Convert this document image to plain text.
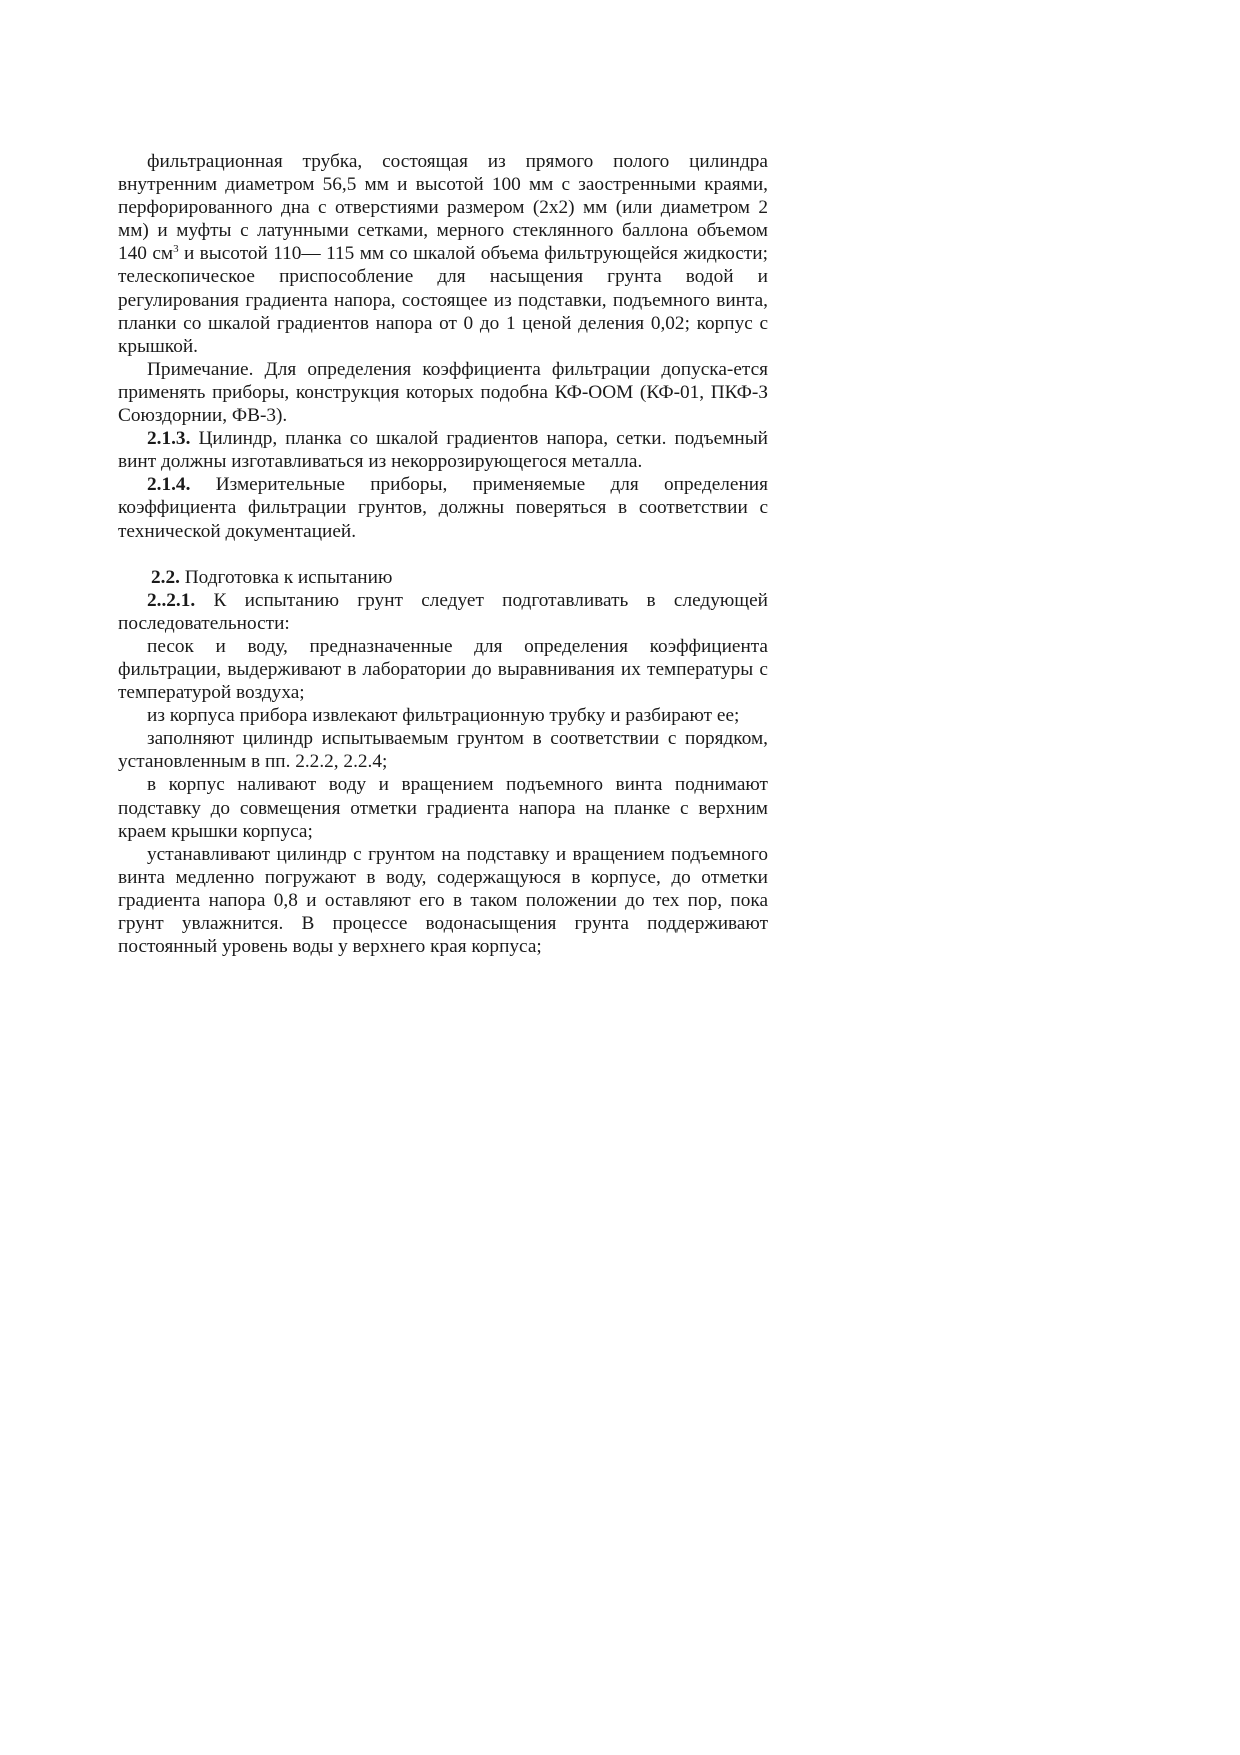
фильтрационная трубка, состоящая из прямого полого цилиндра внутренним диаметром 56,5 мм и высотой 100 мм с заостренными краями, перфорированного дна с отверстиями размером (2х2) мм (или диаметром 2 мм) и муфты с латунными сетками, мерного стеклянного баллона объемом 140 $см^3$ и высотой 110— 115 мм со шкалой объема фильтрующейся жидкости; телескопическое приспособление для насыщения грунта водой и регулирования градиента напора, состоящее из подставки, подъемного винта, планки со шкалой градиентов напора от 0 до 1 ценой деления 0,02; корпус с крышкой.

Примечание. Для определения коэффициента фильтрации допуска-ется применять приборы, конструкция которых подобна КФ-ООМ (КФ-01, ПКФ-З Союздорнии, ФВ-3).

2.1.3. Цилиндр, планка со шкалой градиентов напора, сетки. подъемный винт должны изготавливаться из некоррозирующегося металла.

2.1.4. Измерительные приборы, применяемые для определения коэффициента фильтрации грунтов, должны поверяться в соответствии с технической документацией.

2.2. Подготовка к испытанию

2..2.1. К испытанию грунт следует подготавливать в следующей последовательности:

песок и воду, предназначенные для определения коэффициента фильтрации, выдерживают в лаборатории до выравнивания их температуры с температурой воздуха;

из корпуса прибора извлекают фильтрационную трубку и разбирают ее;

заполняют цилиндр испытываемым грунтом в соответствии с порядком, установленным в пп. 2.2.2, 2.2.4;

в корпус наливают воду и вращением подъемного винта поднимают подставку до совмещения отметки градиента напора на планке с верхним краем крышки корпуса;

устанавливают цилиндр с грунтом на подставку и вращением подъемного винта медленно погружают в воду, содержащуюся в корпусе, до отметки градиента напора 0,8 и оставляют его в таком положении до тех пор, пока грунт увлажнится. В процессе водонасыщения грунта поддерживают постоянный уровень воды у верхнего края корпуса;
